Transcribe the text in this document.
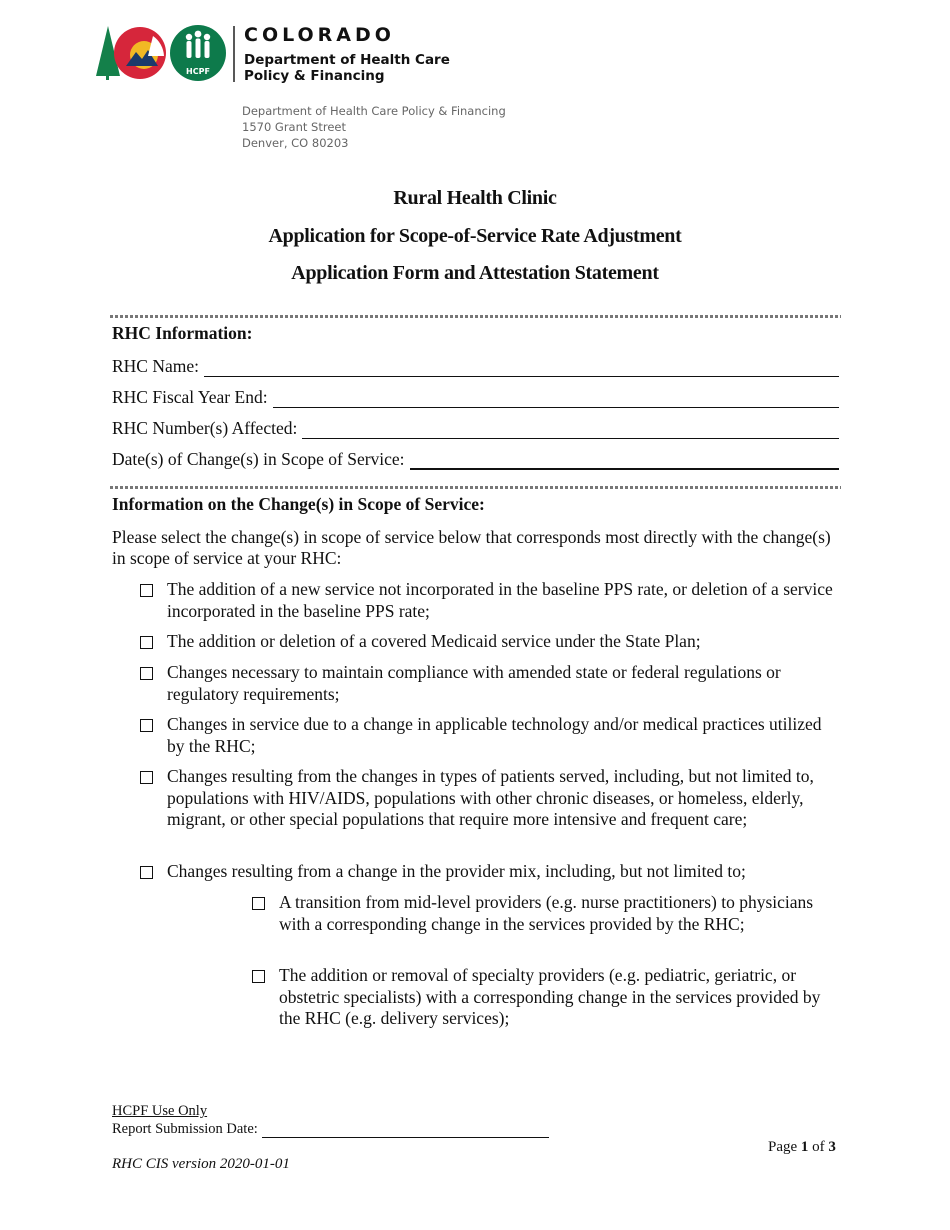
HCPF
COLORADO
Department of Health Care
Policy & Financing
Department of Health Care Policy & Financing
1570 Grant Street
Denver, CO 80203
Rural Health Clinic
Application for Scope-of-Service Rate Adjustment
Application Form and Attestation Statement
RHC Information:
RHC Name:
RHC Fiscal Year End:
RHC Number(s) Affected:
Date(s) of Change(s) in Scope of Service:
Information on the Change(s) in Scope of Service:
Please select the change(s) in scope of service below that corresponds most directly with the change(s) in scope of service at your RHC:
The addition of a new service not incorporated in the baseline PPS rate, or deletion of a service incorporated in the baseline PPS rate;
The addition or deletion of a covered Medicaid service under the State Plan;
Changes necessary to maintain compliance with amended state or federal regulations or regulatory requirements;
Changes in service due to a change in applicable technology and/or medical practices utilized by the RHC;
Changes resulting from the changes in types of patients served, including, but not limited to, populations with HIV/AIDS, populations with other chronic diseases, or homeless, elderly, migrant, or other special populations that require more intensive and frequent care;
Changes resulting from a change in the provider mix, including, but not limited to;
A transition from mid-level providers (e.g. nurse practitioners) to physicians with a corresponding change in the services provided by the RHC;
The addition or removal of specialty providers (e.g. pediatric, geriatric, or obstetric specialists) with a corresponding change in the services provided by the RHC (e.g. delivery services);
HCPF Use Only
Report Submission Date:
Page 1 of 3
RHC CIS version 2020-01-01
